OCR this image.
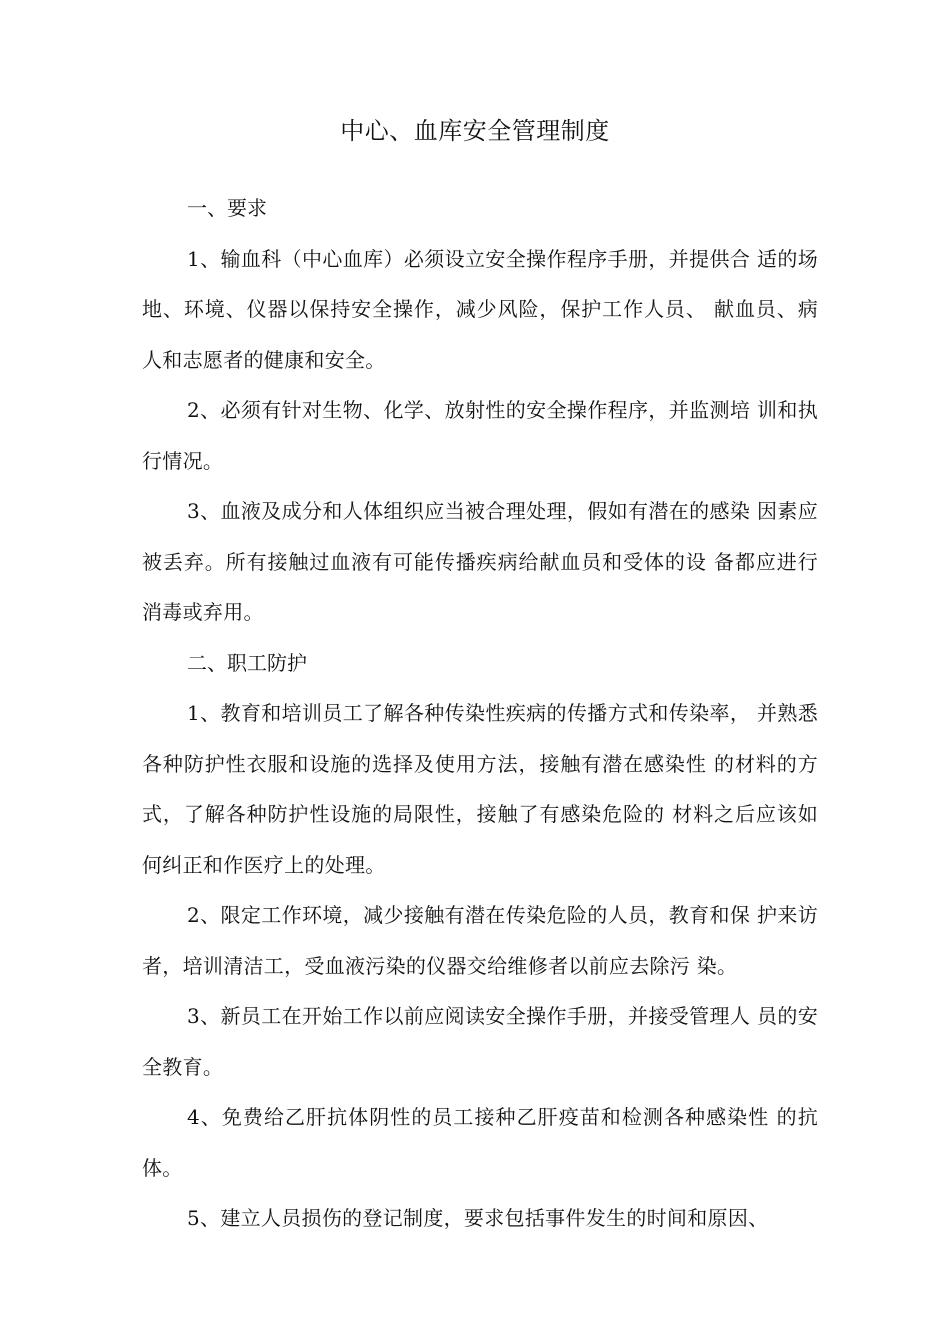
中心、血库安全管理制度

一、要求

1、输血科（中心血库）必须设立安全操作程序手册，并提供合 适的场地、环境、仪器以保持安全操作，减少风险，保护工作人员、 献血员、病人和志愿者的健康和安全。

2、必须有针对生物、化学、放射性的安全操作程序，并监测培 训和执行情况。

3、血液及成分和人体组织应当被合理处理，假如有潜在的感染 因素应被丢弃。所有接触过血液有可能传播疾病给献血员和受体的设 备都应进行消毒或弃用。

二、职工防护

1、教育和培训员工了解各种传染性疾病的传播方式和传染率， 并熟悉各种防护性衣服和设施的选择及使用方法，接触有潜在感染性 的材料的方式，了解各种防护性设施的局限性，接触了有感染危险的 材料之后应该如何纠正和作医疗上的处理。

2、限定工作环境，减少接触有潜在传染危险的人员，教育和保 护来访者，培训清洁工，受血液污染的仪器交给维修者以前应去除污 染。

3、新员工在开始工作以前应阅读安全操作手册，并接受管理人 员的安全教育。

4、免费给乙肝抗体阴性的员工接种乙肝疫苗和检测各种感染性 的抗体。

5、建立人员损伤的登记制度，要求包括事件发生的时间和原因、
